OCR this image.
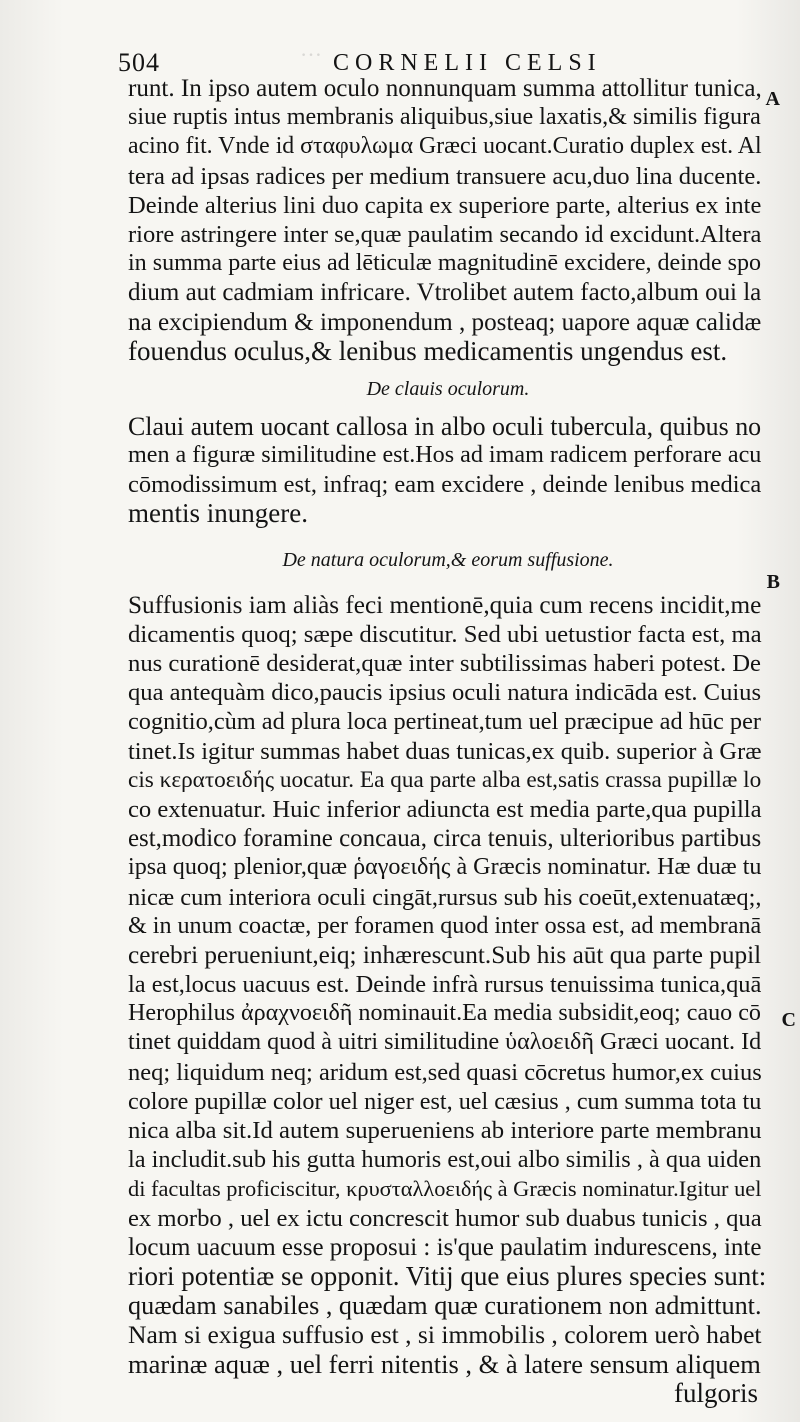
…
504	CORNELII CELSI
runt. In ipso autem oculo nonnunquam summa attollitur tunica,
siue ruptis intus membranis aliquibus,siue laxatis,& similis figura
acino fit. Vnde id σταφυλωμα Græci uocant.Curatio duplex est. Al
tera ad ipsas radices per medium transuere acu,duo lina ducente.
Deinde alterius lini duo capita ex superiore parte, alterius ex inte
riore astringere inter se,quæ paulatim secando id excidunt.Altera
in summa parte eius ad lēticulæ magnitudinē excidere, deinde spo
dium aut cadmiam infricare. Vtrolibet autem facto,album oui la
na excipiendum & imponendum , posteaq; uapore aquæ calidæ
fouendus oculus,& lenibus medicamentis ungendus est.
De clauis oculorum.
Claui autem uocant callosa in albo oculi tubercula, quibus no
men a figuræ similitudine est.Hos ad imam radicem perforare acu
cōmodissimum est, infraq; eam excidere , deinde lenibus medica
mentis inungere.
De natura oculorum,& eorum suffusione.
Suffusionis iam aliàs feci mentionē,quia cum recens incidit,me
dicamentis quoq; sæpe discutitur. Sed ubi uetustior facta est, ma
nus curationē desiderat,quæ inter subtilissimas haberi potest. De
qua antequàm dico,paucis ipsius oculi natura indicāda est. Cuius
cognitio,cùm ad plura loca pertineat,tum uel præcipue ad hūc per
tinet.Is igitur summas habet duas tunicas,ex quib. superior à Græ
cis κερατοειδής uocatur. Ea qua parte alba est,satis crassa pupillæ lo
co extenuatur. Huic inferior adiuncta est media parte,qua pupilla
est,modico foramine concaua, circa tenuis, ulterioribus partibus
ipsa quoq; plenior,quæ ῥαγοειδής à Græcis nominatur. Hæ duæ tu
nicæ cum interiora oculi cingāt,rursus sub his coeūt,extenuatæq;,
& in unum coactæ, per foramen quod inter ossa est, ad membranā
cerebri perueniunt,eiq; inhærescunt.Sub his aūt qua parte pupil
la est,locus uacuus est. Deinde infrà rursus tenuissima tunica,quā
Herophilus ἀραχνοειδῆ nominauit.Ea media subsidit,eoq; cauo cō
tinet quiddam quod à uitri similitudine ὑαλοειδῆ Græci uocant. Id
neq; liquidum neq; aridum est,sed quasi cōcretus humor,ex cuius
colore pupillæ color uel niger est, uel cæsius , cum summa tota tu
nica alba sit.Id autem superueniens ab interiore parte membranu
la includit.sub his gutta humoris est,oui albo similis , à qua uiden
di facultas proficiscitur, κρυσταλλοειδής à Græcis nominatur.Igitur uel
ex morbo , uel ex ictu concrescit humor sub duabus tunicis , qua
locum uacuum esse proposui : is'que paulatim indurescens, inte
riori potentiæ se opponit. Vitij que eius plures species sunt:
quædam sanabiles , quædam quæ curationem non admittunt.
Nam si exigua suffusio est , si immobilis , colorem uerò habet
marinæ aquæ , uel ferri nitentis , & à latere sensum aliquem
fulgoris
A
B
C
